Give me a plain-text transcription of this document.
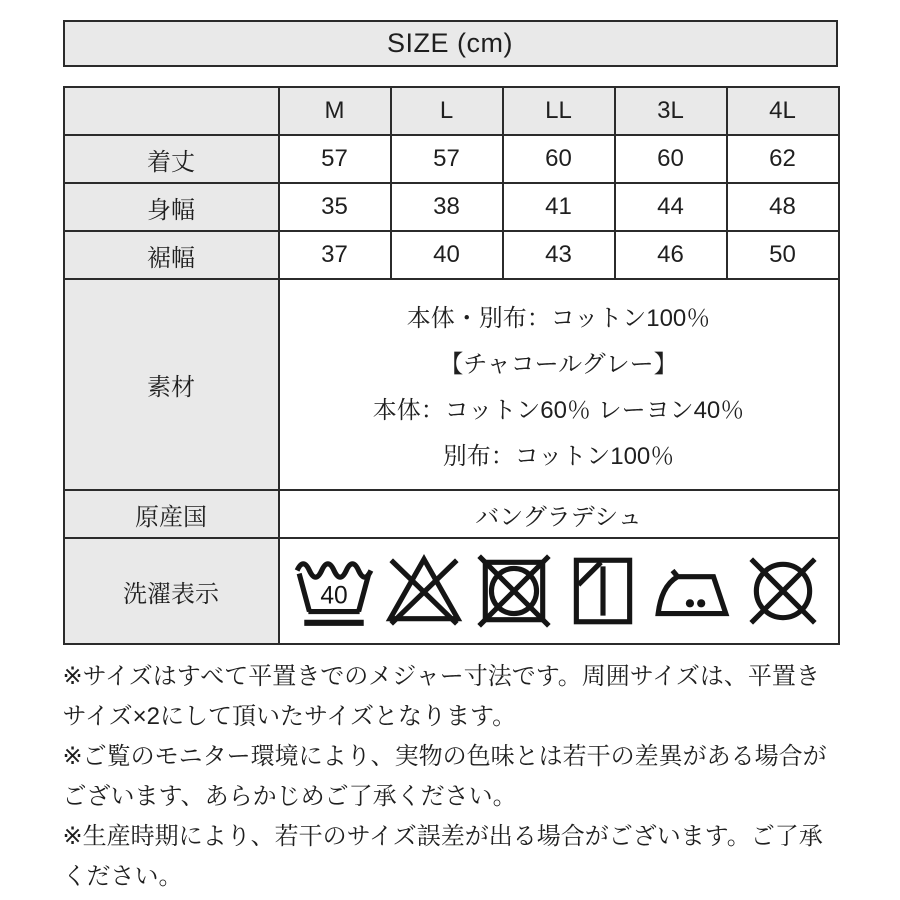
SIZE (cm)
	M	L	LL	3L	4L
着丈	57	57	60	60	62
身幅	35	38	41	44	48
裾幅	37	40	43	46	50
素材	本体・別布：コットン100％
【チャコールグレー】
本体：コットン60％ レーヨン40％
別布：コットン100％				

原産国	バングラデシュ				
洗濯表示	40				
※サイズはすべて平置きでのメジャー寸法です。周囲サイズは、平置き
サイズ×2にして頂いたサイズとなります。
※ご覧のモニター環境により、実物の色味とは若干の差異がある場合が
ございます、あらかじめご了承ください。
※生産時期により、若干のサイズ誤差が出る場合がございます。ご了承
ください。
